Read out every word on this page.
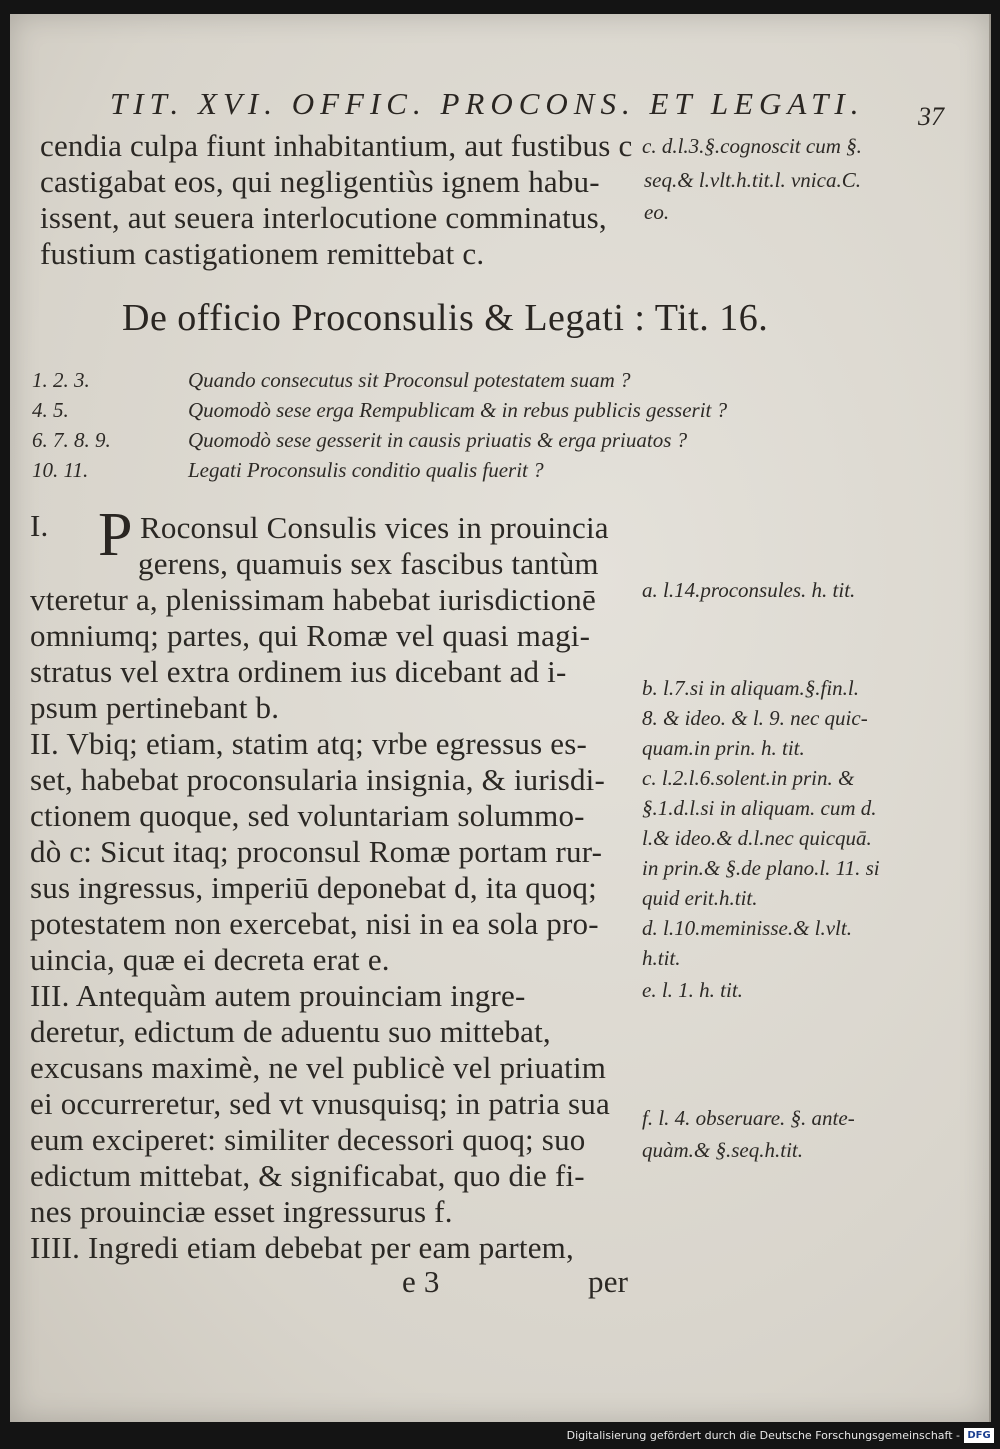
TIT. XVI. OFFIC. PROCONS. ET LEGATI. 37
cendia culpa fiunt inhabitantium, aut fustibus c
castigabat eos, qui negligentiùs ignem habu-
issent, aut seuera interlocutione comminatus,
fustium castigationem remittebat c.
c. d.l.3.§.cognoscit cum §.
seq.& l.vlt.h.tit.l. vnica.C.
eo.
De officio Proconsulis & Legati : Tit. 16.
1. 2. 3.	Quando consecutus sit Proconsul potestatem suam ?
4. 5.	Quomodò sese erga Rempublicam & in rebus publicis gesserit ?
6. 7. 8. 9.	Quomodò sese gesserit in causis priuatis & erga priuatos ?
10. 11.	Legati Proconsulis conditio qualis fuerit ?
I. P Roconsul Consulis vices in prouincia
gerens, quamuis sex fascibus tantùm
vteretur a, plenissimam habebat iurisdictionē
omniumq; partes, qui Romæ vel quasi magi-
stratus vel extra ordinem ius dicebant ad i-
psum pertinebant b.
II. Vbiq; etiam, statim atq; vrbe egressus es-
set, habebat proconsularia insignia, & iurisdi-
ctionem quoque, sed voluntariam solummo-
dò c: Sicut itaq; proconsul Romæ portam rur-
sus ingressus, imperiū deponebat d, ita quoq;
potestatem non exercebat, nisi in ea sola pro-
uincia, quæ ei decreta erat e.
III. Antequàm autem prouinciam ingre-
deretur, edictum de aduentu suo mittebat,
excusans maximè, ne vel publicè vel priuatim
ei occurreretur, sed vt vnusquisq; in patria sua
eum exciperet: similiter decessori quoq; suo
edictum mittebat, & significabat, quo die fi-
nes prouinciæ esset ingressurus f.
IIII. Ingredi etiam debebat per eam partem,
a. l.14.proconsules. h. tit.
b. l.7.si in aliquam.§.fin.l.
8. & ideo. & l. 9. nec quic-
quam.in prin. h. tit.
c. l.2.l.6.solent.in prin. &
§.1.d.l.si in aliquam. cum d.
l.& ideo.& d.l.nec quicquā.
in prin.& §.de plano.l. 11. si
quid erit.h.tit.
d. l.10.meminisse.& l.vlt.
h.tit.
e. l. 1. h. tit.
f. l. 4. obseruare. §. ante-
quàm.& §.seq.h.tit.
e 3	per
Digitalisierung gefördert durch die Deutsche Forschungsgemeinschaft - DFG
